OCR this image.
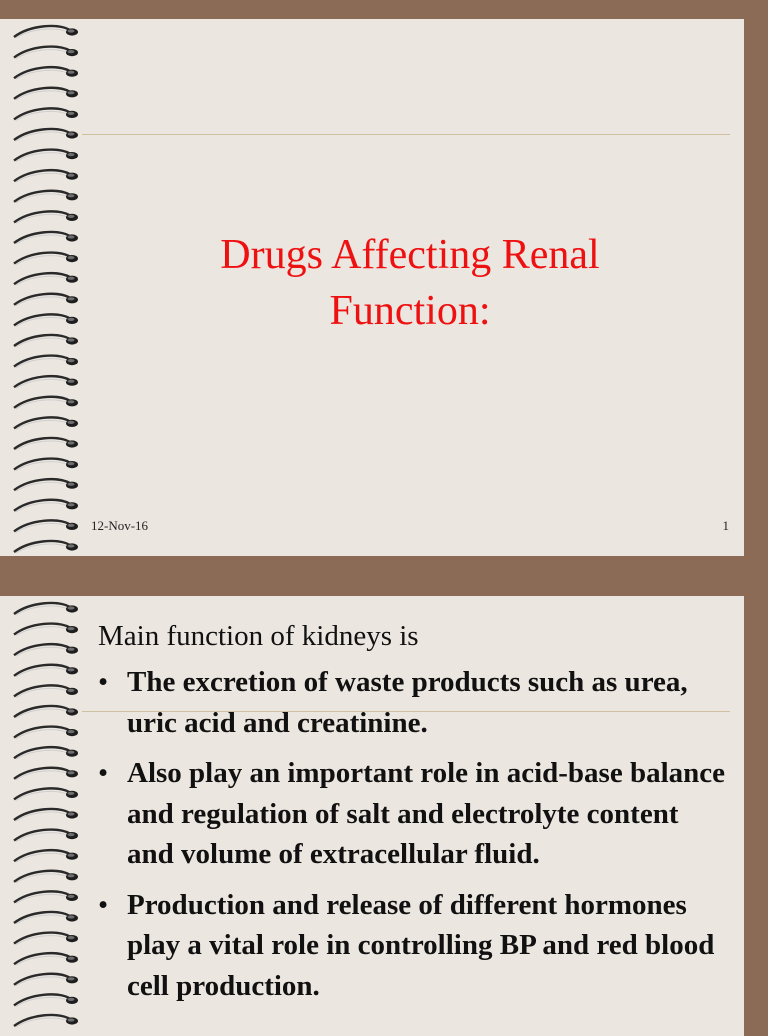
Drugs Affecting Renal
Function:
12-Nov-16	1
Main function of kidneys is
• The excretion of waste products such as urea, uric acid and creatinine.
• Also play an important role in acid-base balance and regulation of salt and electrolyte content and volume of extracellular fluid.
• Production and release of different hormones play a vital role in controlling BP and red blood cell production.
